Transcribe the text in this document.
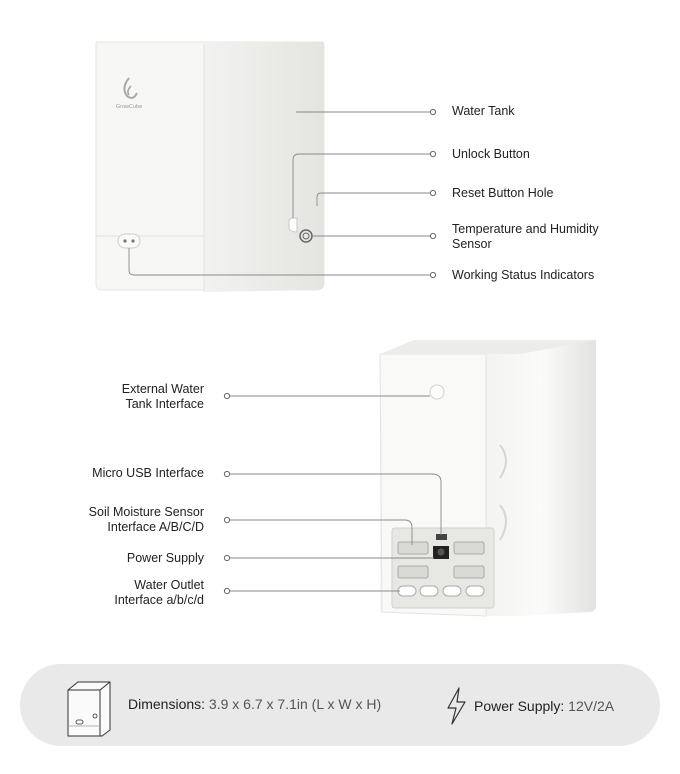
GrowCube	Water Tank
Unlock Button
Reset Button Hole
Temperature and Humidity Sensor
Working Status Indicators
External Water Tank Interface
Micro USB Interface
Soil Moisture Sensor Interface A/B/C/D
Power Supply
Water Outlet Interface a/b/c/d
Dimensions: 3.9 x 6.7 x 7.1in (L x W x H)	Power Supply: 12V/2A
